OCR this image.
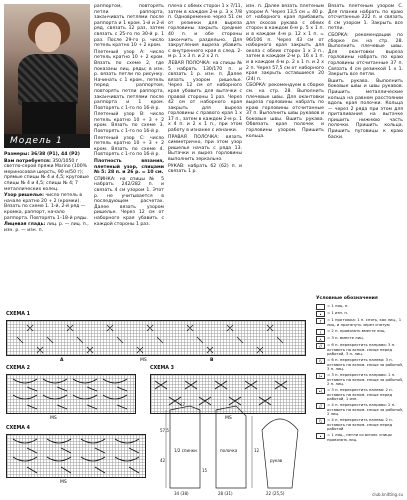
Модель 1

Размеры: 36/38 (P1), 44 (P2)

Вам потребуется: 350/1050 г светло-серой пряжи Marino (100% мериносовая шерсть, 90 м/50 г); прямые спицы № 4 и 4,5; круговые спицы № 4 и 4,5; спицы № 4; 7 металлических колец.

Узор ришелье: число петель в начале кратно 20 + 2 (кромки). Вязать по схеме 1. 1-й, 2-й ряд — кромка, раппорт, начало раппорта. Повторять 1–18-й ряды.

Лицевая гладь: лиц. р. — лиц. п., изн. р. — изн. п.

раппортом, повторять петли раппорта, заканчивать петлями после раппорта и 1 кром. 1-й и 2-й ряд, связать 12 раз, затем связать с 25-го по 30-й р. 1 раз. После 29-го р. число петель кратно 10 + 2 кром.

Плетеный узор А: число петель кратно 10 + 2 кром. Вязать по схеме 2, где показаны лиц. ряды; в изн. р. вязать петли по рисунку. Начинать с 1 кром., петель перед раппортом, повторять петли раппорта, заканчивать петлями после раппорта и 1 кром. Повторять с 1-го по 16-й р.

Плетеный узор В: число петель кратно 10 + 3 + 2 кром. Вязать по схеме 3. Повторять с 1-го по 16-й р.

Плетеный узор С: число петель кратно 10 + 3 + 2 кром. Вязать по схеме 4. Повторять с 1-го по 16-й р.

Плотность вязания, плетеный узор, спицами № 5: 28 п. и 26 р. = 10 см.

СПИНКА: на спицы № 5 набрать 242/282 п. и связать 4 см узором 1. Этот р. не учитывается в последующем расчетах. Далее вязать узором ришелье. Через 12 см от наборного края убавить с каждой стороны 1 раз.

плеча с обеих сторон 1 х 7/11, затем в каждом 2-м р. 3 х 7/8 п. Одновременно через 51 см от резинки для выреза горловины закрыть средние 40 п. и обе стороны закончить раздельно. Для закругления выреза убавить с внутреннего края в след. 2-м р. 1 х 3 п. и 2 х 2 п.

ЛЕВАЯ ПОЛОЧКА: на спицы № 5 набрать 130/170 п. и связать 1 р. изн. п. Далее вязать узором ришелье. Через 12 см от наборного края убавить для вытачки с правой стороны 1 раз. Через 42 см от наборного края закрыть для выреза горловины с правого края 1 х 17 п., затем в каждом 2-м р. 1 х 4 п. и 2 х 1 п., при этом работу в изнанке с изнанки.

ПРАВАЯ ПОЛОЧКА: вязать симметрично, при этом узор ришелье начать с ряда 13. Вытачки и вырез горловины выполнить зеркально.

РУКАВ: набрать 62 (62) п. и связать 1 р.

изн. п. Далее вязать плетеным узором А. Через 13,5 см = 40 р. от наборного края прибавить для скосов рукава с обеих сторон в каждом 6-м р. 5 х 1 п. и в каждом 4-м р. 12 х 1 п. = 96/106 п. Через 43 см от наборного края закрыть для окола с обеих сторон 1 х 3 п., затем в каждом 2-м р. 16 х 1 п. и в каждом 4-м р. 2 х 1 п. и 2 х 2 п. Через 57,5 см от наборного края закрыть оставшиеся 20 (24) п.

СБОРКА: рекомендуем в сборке см. на стр. 28. Выполнить плечевые швы. Для окантовки выреза горловины набрать по краю горловины отсчитанные 37 п. Выполнить швы рукавов и боковые швы. Вшить рукава. Обвязать края полочек и горловины узором. Пришить кольца.

Вязать плетеным узором С. Для планки набрать по краю отсчитанные 222 п. и связать 4 см узором 1. Закрыть все петли.

СБОРКА: рекомендации по сборке см. на стр. 28. Выполнить плечевые швы. Для окантовки выреза горловины набрать по краю горловины отсчитанные 37 п. Связать 4 см резинкой 1 х 1. Закрыть все петли.

Вшить рукава. Выполнить боковые швы и швы рукавов. Пришить металлические кольца на равном расстоянии вдоль края полочки. Кольца — через 2 ряда при этом для приталивания на вытачке пришить нижнюю часть полочки. Пришить кольца. Пришить пуговицы к краю баски.

СХЕМА 1
A	MS	B
СХЕМА 2
MS
СХЕМА 3
MS
СХЕМА 4
MS
57,5
42
15
12
34 (38)	28 (31)	22 (25,5)
17
1/2 спинки	полочка
рукав
Условные обозначения
= 1 лиц. п.
•	= 1 изн. п.
↑	= 1 протяжка: 1 п. снять, как лиц., 1 лиц. и протянуть через снятую
/	= 2 п. провязать вместе лиц.
∧	= 3 п. вместе лиц.
//	= 6 п. перекрестить направо: 3 п. оставить на вспом. спице перед работой, 3 п. лиц.
\\	= 6 п. перекрестить налево: 3 п. оставить на вспом. спице за работой, 3 п. лиц.
/•	= 3 п. перекрестить направо: 1 п. оставить на вспом. спице за работой, 2 п. лиц.
•\	= 3 п. перекрестить налево: 2 п. оставить на вспом. спице перед работой, 1 изн.
//	= 4 п. перекрестить направо: 2 п. оставить на вспом. спице за работой, 2 лиц.
\\	= 4 п. перекрестить налево: 2 п. оставить на вспом. спице перед работой
•	= 1 лиц., петли со вспом. спицы провязать лиц.
club.knitting.su
